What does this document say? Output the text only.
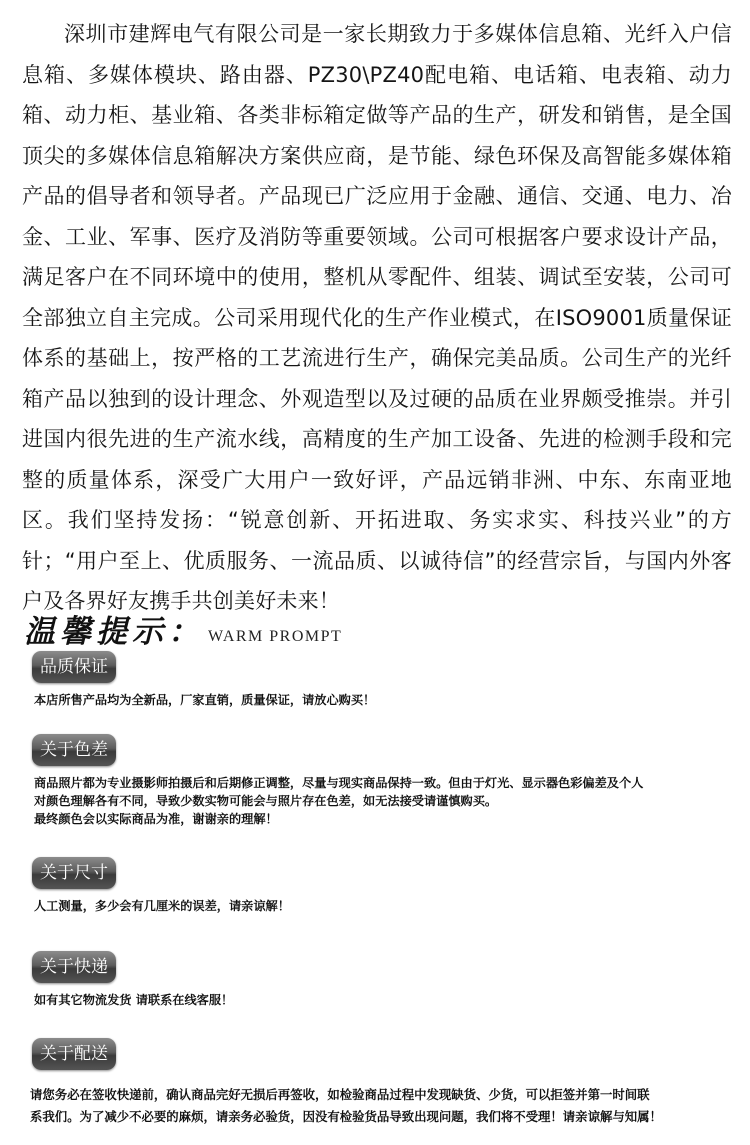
深圳市建辉电气有限公司是一家长期致力于多媒体信息箱、光纤入户信息箱、多媒体模块、路由器、PZ30\PZ40配电箱、电话箱、电表箱、动力箱、动力柜、基业箱、各类非标箱定做等产品的生产，研发和销售，是全国顶尖的多媒体信息箱解决方案供应商，是节能、绿色环保及高智能多媒体箱产品的倡导者和领导者。产品现已广泛应用于金融、通信、交通、电力、冶金、工业、军事、医疗及消防等重要领域。公司可根据客户要求设计产品，满足客户在不同环境中的使用，整机从零配件、组装、调试至安装，公司可全部独立自主完成。公司采用现代化的生产作业模式，在ISO9001质量保证体系的基础上，按严格的工艺流进行生产，确保完美品质。公司生产的光纤箱产品以独到的设计理念、外观造型以及过硬的品质在业界颇受推崇。并引进国内很先进的生产流水线，高精度的生产加工设备、先进的检测手段和完整的质量体系，深受广大用户一致好评，产品远销非洲、中东、东南亚地区。我们坚持发扬：“锐意创新、开拓进取、务实求实、科技兴业”的方针；“用户至上、优质服务、一流品质、以诚待信”的经营宗旨，与国内外客户及各界好友携手共创美好未来！
温馨提示： WARM PROMPT
品质保证
本店所售产品均为全新品，厂家直销，质量保证，请放心购买！
关于色差
商品照片都为专业摄影师拍摄后和后期修正调整，尽量与现实商品保持一致。但由于灯光、显示器色彩偏差及个人
对颜色理解各有不同，导致少数实物可能会与照片存在色差，如无法接受请谨慎购买。
最终颜色会以实际商品为准，谢谢亲的理解！
关于尺寸
人工测量，多少会有几厘米的误差，请亲谅解！
关于快递
如有其它物流发货 请联系在线客服！
关于配送
请您务必在签收快递前，确认商品完好无损后再签收，如检验商品过程中发现缺货、少货，可以拒签并第一时间联
系我们。为了减少不必要的麻烦，请亲务必验货，因没有检验货品导致出现问题，我们将不受理！请亲谅解与知属！
